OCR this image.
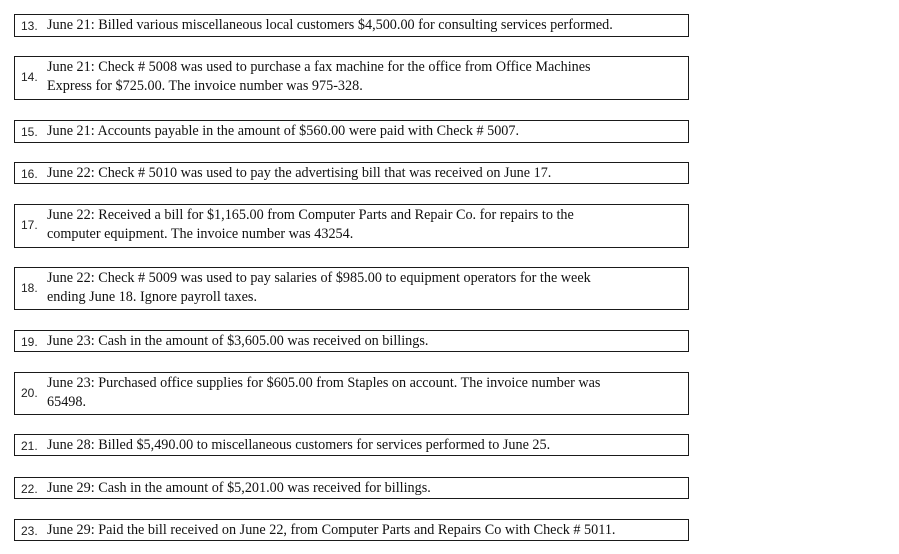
13. June 21: Billed various miscellaneous local customers $4,500.00 for consulting services performed.
14.
June 21: Check # 5008 was used to purchase a fax machine for the office from Office Machines
Express for $725.00. The invoice number was 975-328.
15. June 21: Accounts payable in the amount of $560.00 were paid with Check # 5007.
16. June 22: Check # 5010 was used to pay the advertising bill that was received on June 17.
17.
June 22: Received a bill for $1,165.00 from Computer Parts and Repair Co. for repairs to the
computer equipment. The invoice number was 43254.
18.
June 22: Check # 5009 was used to pay salaries of $985.00 to equipment operators for the week
ending June 18. Ignore payroll taxes.
19. June 23: Cash in the amount of $3,605.00 was received on billings.
20.
June 23: Purchased office supplies for $605.00 from Staples on account. The invoice number was
65498.
21. June 28: Billed $5,490.00 to miscellaneous customers for services performed to June 25.
22. June 29: Cash in the amount of $5,201.00 was received for billings.
23. June 29: Paid the bill received on June 22, from Computer Parts and Repairs Co with Check # 5011.
